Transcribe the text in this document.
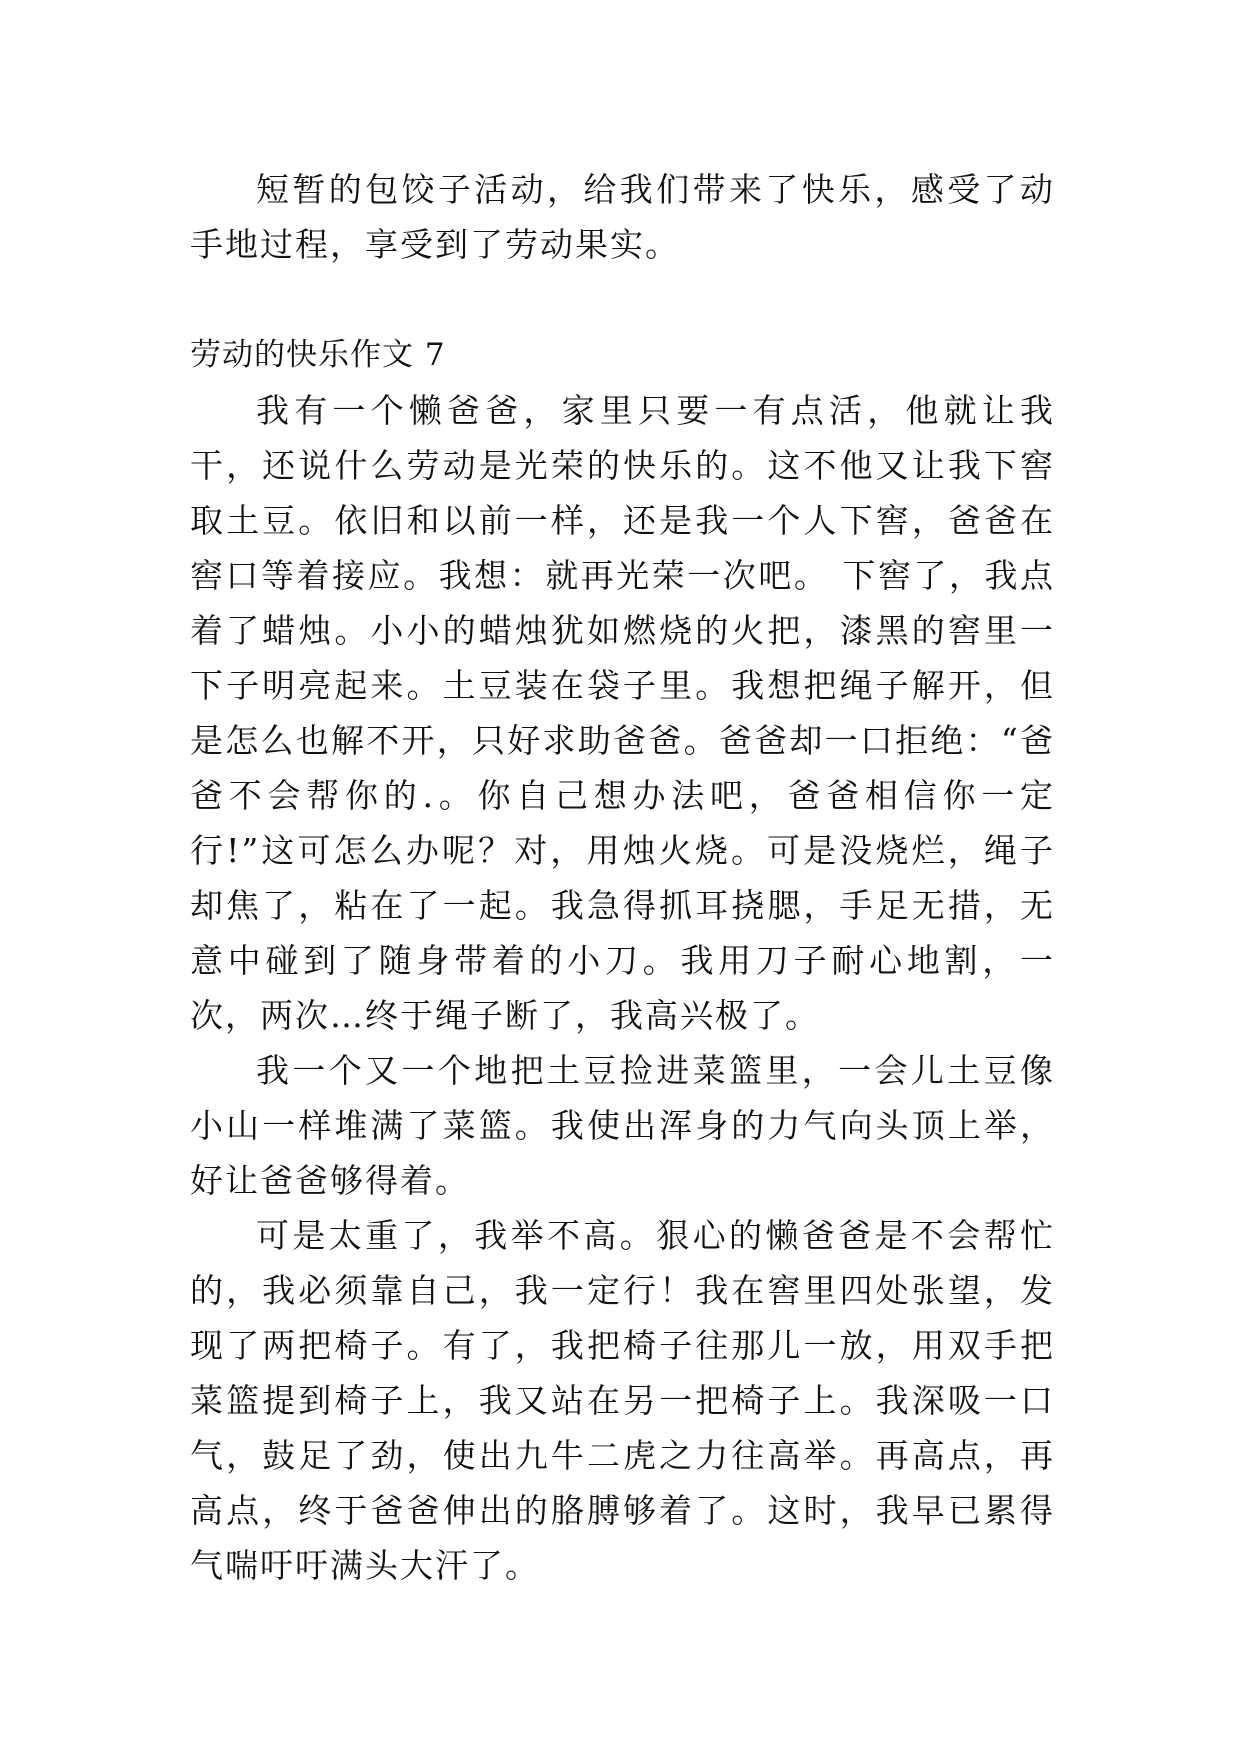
短暂的包饺子活动，给我们带来了快乐，感受了动手地过程，享受到了劳动果实。

劳动的快乐作文 7

我有一个懒爸爸，家里只要一有点活，他就让我干，还说什么劳动是光荣的快乐的。这不他又让我下窖取土豆。依旧和以前一样，还是我一个人下窖，爸爸在窖口等着接应。我想：就再光荣一次吧。 下窖了，我点着了蜡烛。小小的蜡烛犹如燃烧的火把，漆黑的窖里一下子明亮起来。土豆装在袋子里。我想把绳子解开，但是怎么也解不开，只好求助爸爸。爸爸却一口拒绝：“爸爸不会帮你的.。你自己想办法吧，爸爸相信你一定行!”这可怎么办呢？对，用烛火烧。可是没烧烂，绳子却焦了，粘在了一起。我急得抓耳挠腮，手足无措，无意中碰到了随身带着的小刀。我用刀子耐心地割，一次，两次…终于绳子断了，我高兴极了。

我一个又一个地把土豆捡进菜篮里，一会儿土豆像小山一样堆满了菜篮。我使出浑身的力气向头顶上举，好让爸爸够得着。

可是太重了，我举不高。狠心的懒爸爸是不会帮忙的，我必须靠自己，我一定行！我在窖里四处张望，发现了两把椅子。有了，我把椅子往那儿一放，用双手把菜篮提到椅子上，我又站在另一把椅子上。我深吸一口气，鼓足了劲，使出九牛二虎之力往高举。再高点，再高点，终于爸爸伸出的胳膊够着了。这时，我早已累得气喘吁吁满头大汗了。
